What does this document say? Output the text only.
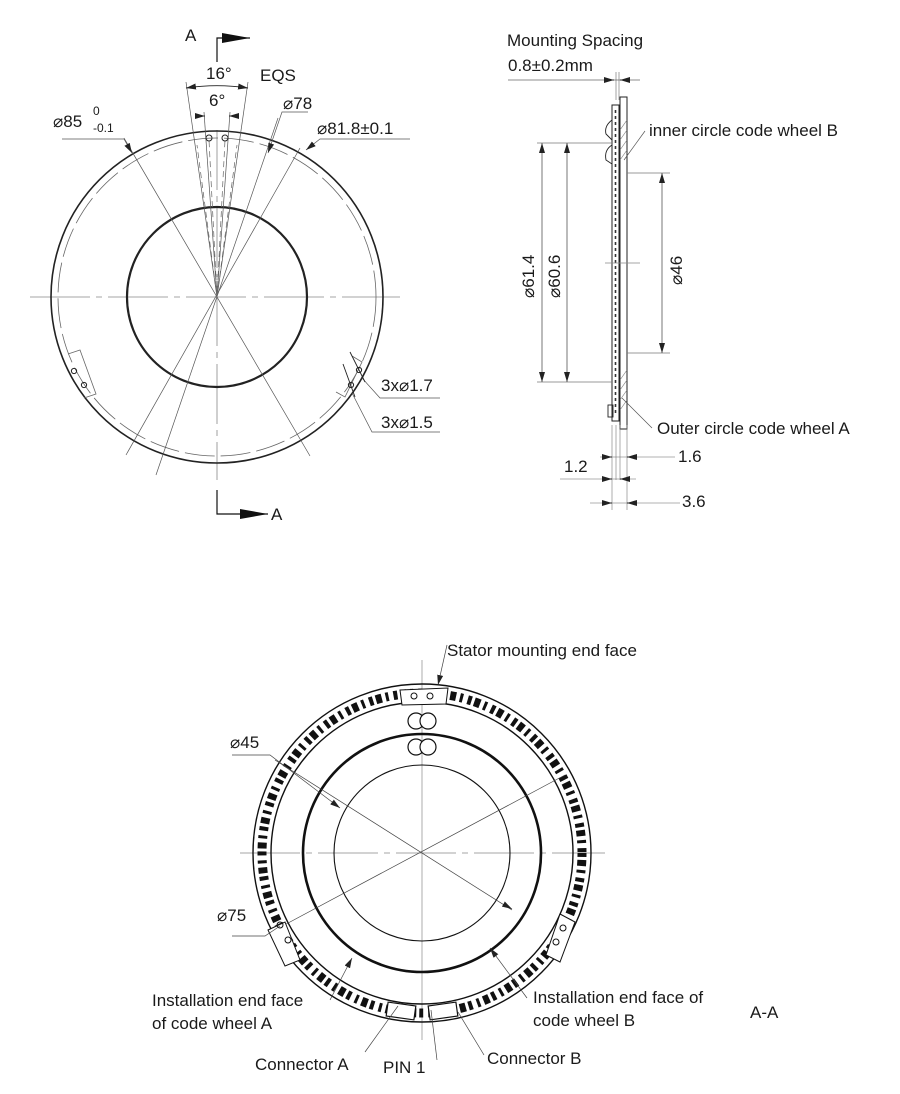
A
A
16° EQS
6°
⌀85
0
-0.1
⌀78
⌀81.8±0.1
3x⌀1.7
3x⌀1.5
Mounting Spacing
0.8±0.2mm
inner circle code wheel B
Outer circle code wheel A
⌀61.4 ⌀60.6	⌀46
1.2
1.6
3.6
Stator mounting end face
⌀45
⌀75
Installation end face
of code wheel A
Installation end face of
code wheel B	A-A
Connector A PIN 1	Connector B
